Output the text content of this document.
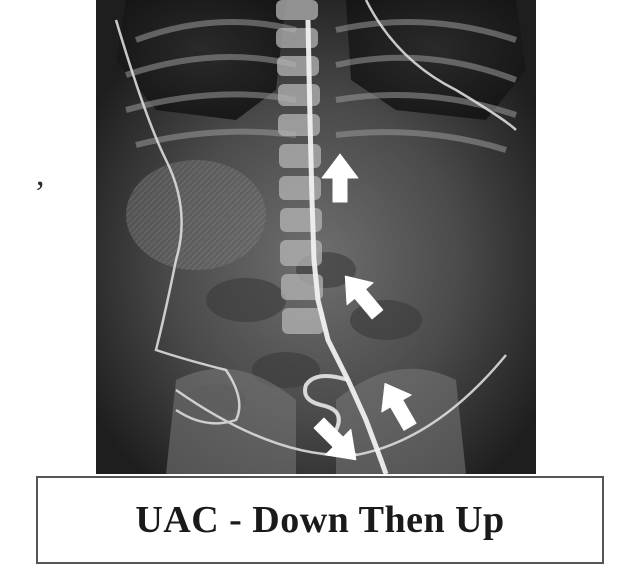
,
UAC - Down Then Up
